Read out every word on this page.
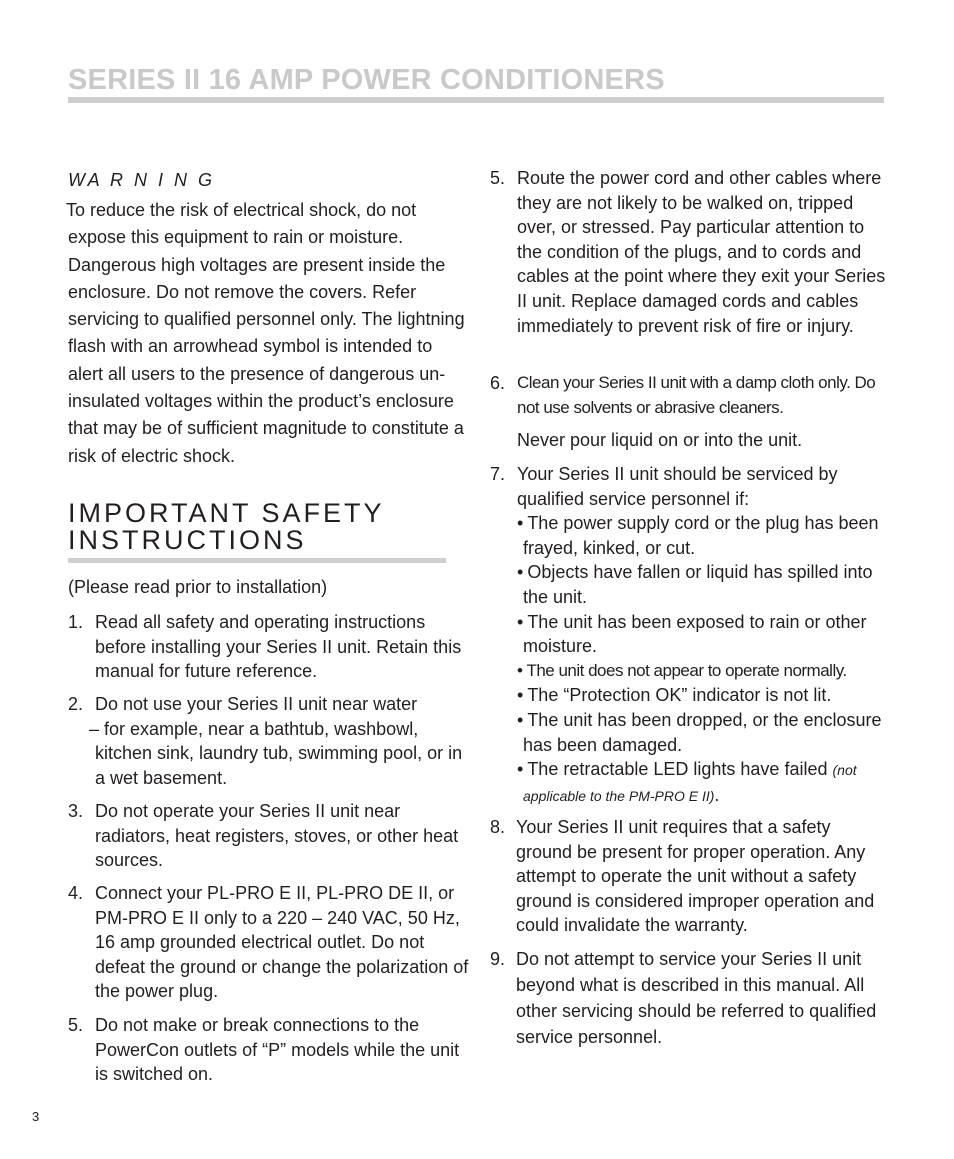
SERIES II 16 AMP POWER CONDITIONERS
WA R N I N G
To reduce the risk of electrical shock, do not expose this equipment to rain or moisture. Dangerous high voltages are present inside the enclosure. Do not remove the covers. Refer servicing to qualified personnel only. The lightning flash with an arrowhead symbol is intended to alert all users to the presence of dangerous un-insulated voltages within the product’s enclosure that may be of sufficient magnitude to constitute a risk of electric shock.
IMPORTANT SAFETY
INSTRUCTIONS
(Please read prior to installation)
1. Read all safety and operating instructions before installing your Series II unit. Retain this manual for future reference.
2. Do not use your Series II unit near water
– for example, near a bathtub, washbowl, kitchen sink, laundry tub, swimming pool, or in a wet basement.
3. Do not operate your Series II unit near radiators, heat registers, stoves, or other heat sources.
4. Connect your PL-PRO E II, PL-PRO DE II, or PM-PRO E II only to a 220 – 240 VAC, 50 Hz, 16 amp grounded electrical outlet. Do not defeat the ground or change the polarization of the power plug.
5. Do not make or break connections to the PowerCon outlets of “P” models while the unit is switched on.
5. Route the power cord and other cables where they are not likely to be walked on, tripped over, or stressed. Pay particular attention to the condition of the plugs, and to cords and cables at the point where they exit your Series II unit. Replace damaged cords and cables immediately to prevent risk of fire or injury.
6. Clean your Series II unit with a damp cloth only. Do not use solvents or abrasive cleaners.
Never pour liquid on or into the unit.
7. Your Series II unit should be serviced by qualified service personnel if:
• The power supply cord or the plug has been frayed, kinked, or cut.
• Objects have fallen or liquid has spilled into the unit.
• The unit has been exposed to rain or other moisture.
• The unit does not appear to operate normally.
• The “Protection OK” indicator is not lit.
• The unit has been dropped, or the enclosure has been damaged.
• The retractable LED lights have failed (not applicable to the PM-PRO E II).
8. Your Series II unit requires that a safety ground be present for proper operation. Any attempt to operate the unit without a safety ground is considered improper operation and could invalidate the warranty.
9. Do not attempt to service your Series II unit beyond what is described in this manual. All other servicing should be referred to qualified service personnel.
3
